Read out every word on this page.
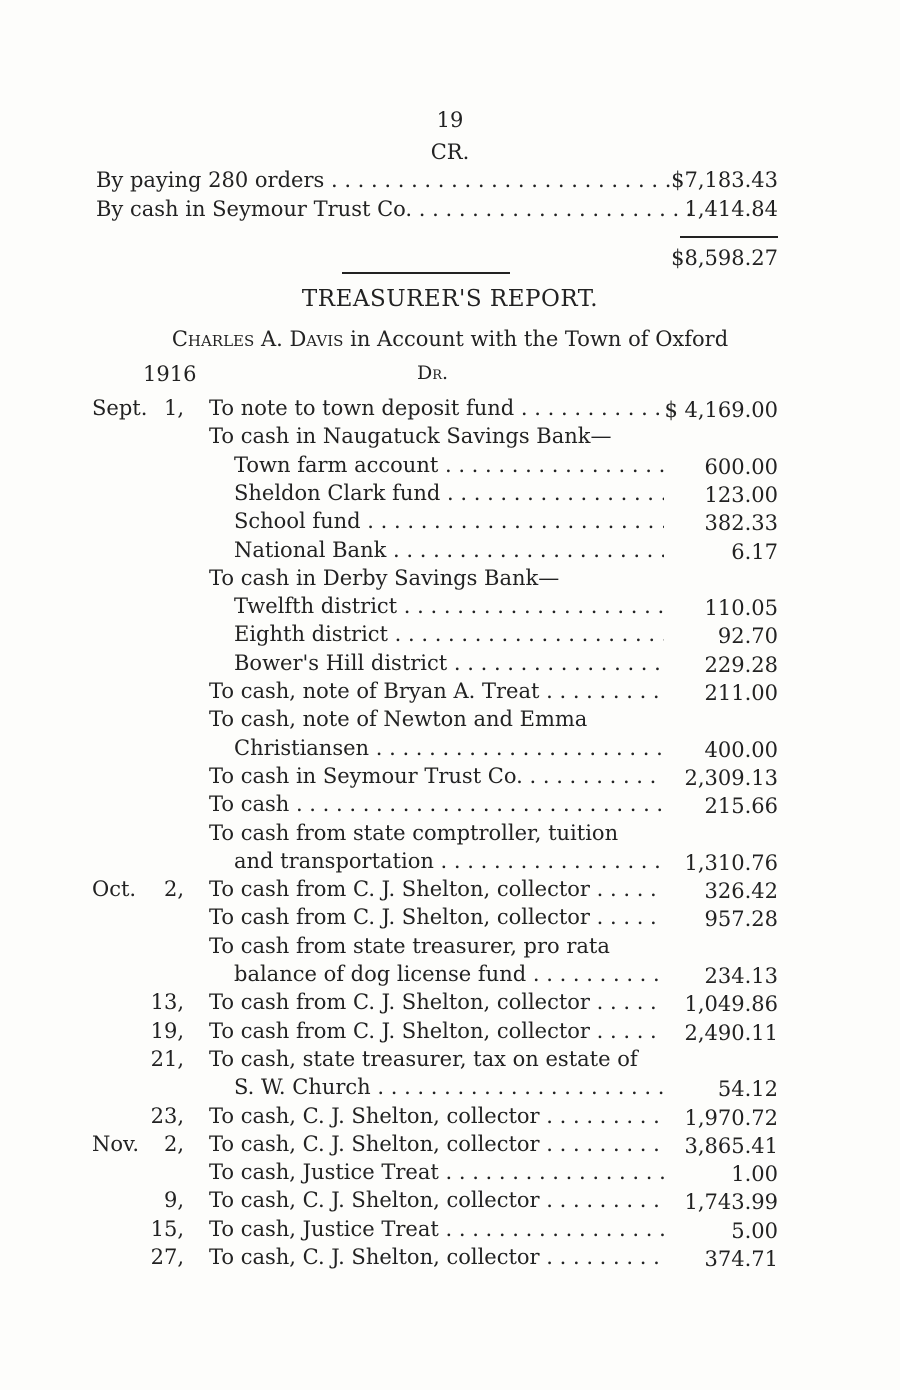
19
CR.
By paying 280 orders . . .	$7,183.43
By cash in Seymour Trust Co. . . .	1,414.84
$8,598.27
TREASURER'S REPORT.
Charles A. Davis in Account with the Town of Oxford
1916	Dr.
Sept. 1, To note to town deposit fund . . .	$ 4,169.00
To cash in Naugatuck Savings Bank—
Town farm account . . .	600.00
Sheldon Clark fund . . .	123.00
School fund . . .	382.33
National Bank . . .	6.17
To cash in Derby Savings Bank—
Twelfth district . . .	110.05
Eighth district . . .	92.70
Bower's Hill district . . .	229.28
To cash, note of Bryan A. Treat . . .	211.00
To cash, note of Newton and Emma
Christiansen . . .	400.00
To cash in Seymour Trust Co. . . .	2,309.13
To cash . . .	215.66
To cash from state comptroller, tuition
and transportation . . .	1,310.76
Oct.	2, To cash from C. J. Shelton, collector . . .	326.42
To cash from C. J. Shelton, collector . . .	957.28
To cash from state treasurer, pro rata
balance of dog license fund . . .	234.13
13, To cash from C. J. Shelton, collector . . .	1,049.86
19, To cash from C. J. Shelton, collector . . .	2,490.11
21, To cash, state treasurer, tax on estate of
S. W. Church . . .	54.12
23, To cash, C. J. Shelton, collector . . .	1,970.72
Nov.	2, To cash, C. J. Shelton, collector . . .	3,865.41
To cash, Justice Treat . . .	1.00
9, To cash, C. J. Shelton, collector . . .	1,743.99
15, To cash, Justice Treat . . .	5.00
27, To cash, C. J. Shelton, collector . . .	374.71
